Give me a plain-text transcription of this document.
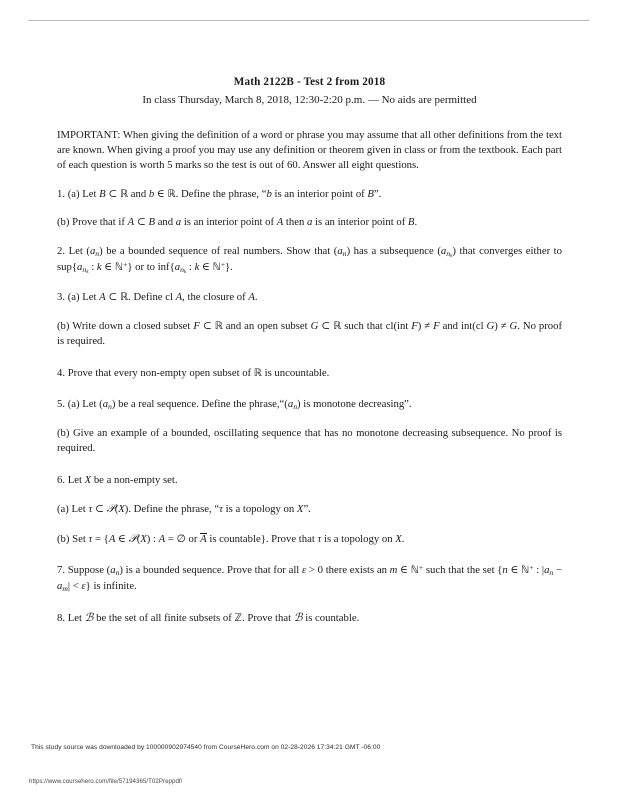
Math 2122B - Test 2 from 2018
In class Thursday, March 8, 2018, 12:30-2:20 p.m. — No aids are permitted

IMPORTANT: When giving the definition of a word or phrase you may assume that all other definitions from the text are known. When giving a proof you may use any definition or theorem given in class or from the textbook. Each part of each question is worth 5 marks so the test is out of 60. Answer all eight questions.

1. (a) Let B ⊂ ℝ and b ∈ ℝ. Define the phrase, “b is an interior point of B”.

(b) Prove that if A ⊂ B and a is an interior point of A then a is an interior point of B.

2. Let $(a_n)$ be a bounded sequence of real numbers. Show that $(a_n)$ has a subsequence $(a_{nk})$ that converges either to $sup\{a_{nk}$ : k ∈ ℕ+} or to $inf\{a_{nk}$ : k ∈ ℕ+}.

3. (a) Let A ⊂ ℝ. Define cl A, the closure of A.

(b) Write down a closed subset F ⊂ ℝ and an open subset G ⊂ ℝ such that cl(int F) ≠ F and int(cl G) ≠ G. No proof is required.

4. Prove that every non-empty open subset of ℝ is uncountable.

5. (a) Let $(a_n)$ be a real sequence. Define the $phrase,“(a_n)$ is monotone decreasing”.

(b) Give an example of a bounded, oscillating sequence that has no monotone decreasing subsequence. No proof is required.

6. Let X be a non-empty set.

(a) Let τ ⊂ 𝒫(X). Define the phrase, “τ is a topology on X”.

(b) Set τ = {A ∈ 𝒫(X) : A = ∅ or A is countable}. Prove that τ is a topology on X.

7. Suppose $(a_n)$ is a bounded sequence. Prove that for all ε > 0 there exists an m ∈ ℕ+ such that the set {n ∈ ℕ+ : $|a_n - a_m| < \varepsilon$} is infinite.

8. Let ℬ be the set of all finite subsets of ℤ. Prove that ℬ is countable.

This study source was downloaded by 100000902974540 from CourseHero.com on 02-28-2026 17:34:21 GMT -06:00
https://www.coursehero.com/file/57194365/T02Preppdf/
